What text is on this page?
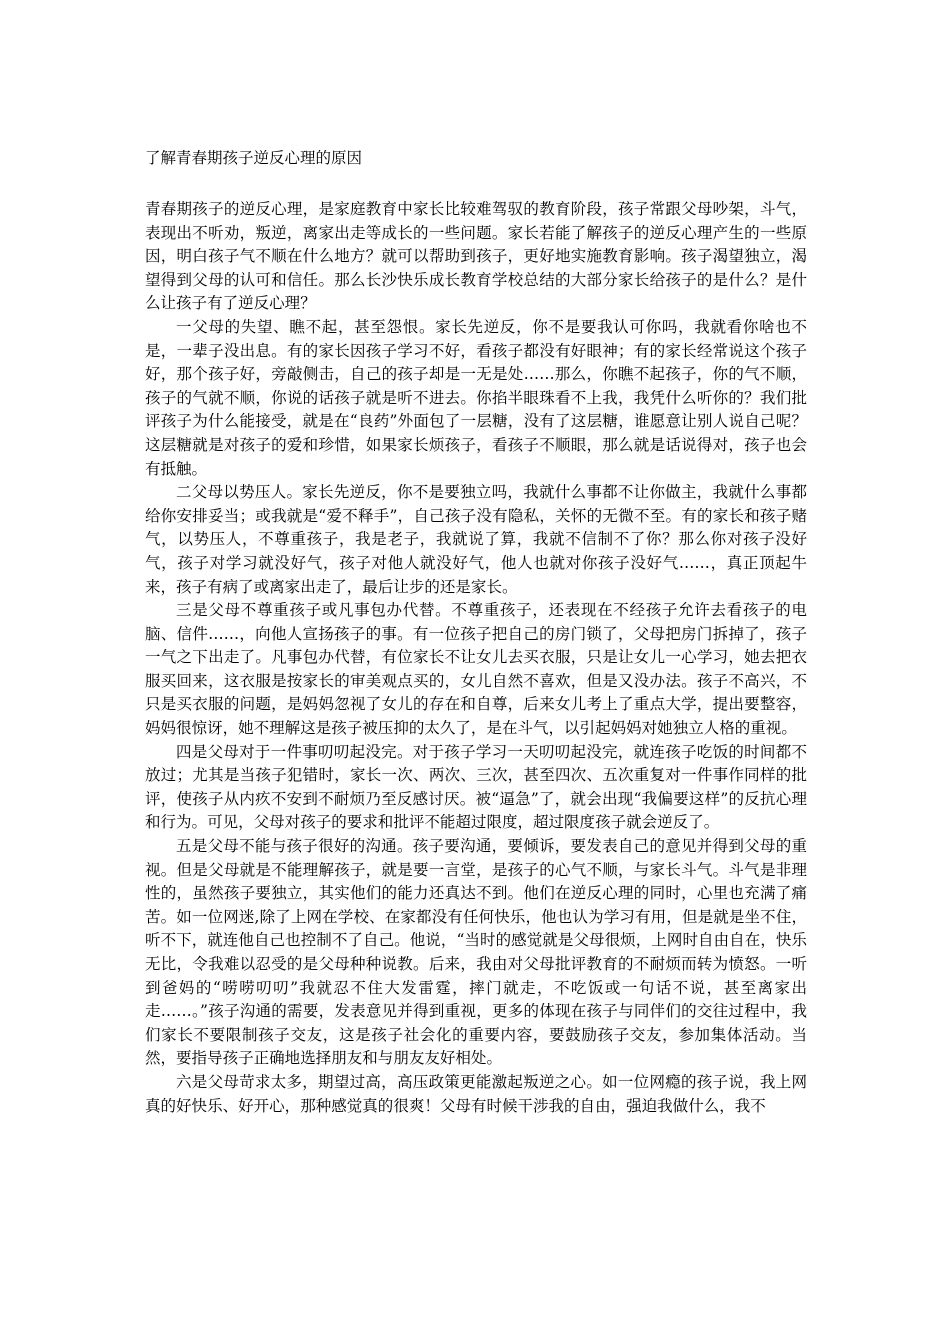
了解青春期孩子逆反心理的原因

青春期孩子的逆反心理，是家庭教育中家长比较难驾驭的教育阶段，孩子常跟父母吵架，斗气，表现出不听劝，叛逆，离家出走等成长的一些问题。家长若能了解孩子的逆反心理产生的一些原因，明白孩子气不顺在什么地方？就可以帮助到孩子，更好地实施教育影响。孩子渴望独立，渴望得到父母的认可和信任。那么长沙快乐成长教育学校总结的大部分家长给孩子的是什么？是什么让孩子有了逆反心理？

一父母的失望、瞧不起，甚至怨恨。家长先逆反，你不是要我认可你吗，我就看你啥也不是，一辈子没出息。有的家长因孩子学习不好，看孩子都没有好眼神；有的家长经常说这个孩子好，那个孩子好，旁敲侧击，自己的孩子却是一无是处……那么，你瞧不起孩子，你的气不顺，孩子的气就不顺，你说的话孩子就是听不进去。你掐半眼珠看不上我，我凭什么听你的？我们批评孩子为什么能接受，就是在“良药”外面包了一层糖，没有了这层糖，谁愿意让别人说自己呢？这层糖就是对孩子的爱和珍惜，如果家长烦孩子，看孩子不顺眼，那么就是话说得对，孩子也会有抵触。

二父母以势压人。家长先逆反，你不是要独立吗，我就什么事都不让你做主，我就什么事都给你安排妥当；或我就是“爱不释手”，自己孩子没有隐私，关怀的无微不至。有的家长和孩子赌气，以势压人，不尊重孩子，我是老子，我就说了算，我就不信制不了你？那么你对孩子没好气，孩子对学习就没好气，孩子对他人就没好气，他人也就对你孩子没好气……，真正顶起牛来，孩子有病了或离家出走了，最后让步的还是家长。

三是父母不尊重孩子或凡事包办代替。不尊重孩子，还表现在不经孩子允许去看孩子的电脑、信件……，向他人宣扬孩子的事。有一位孩子把自己的房门锁了，父母把房门拆掉了，孩子一气之下出走了。凡事包办代替，有位家长不让女儿去买衣服，只是让女儿一心学习，她去把衣服买回来，这衣服是按家长的审美观点买的，女儿自然不喜欢，但是又没办法。孩子不高兴，不只是买衣服的问题，是妈妈忽视了女儿的存在和自尊，后来女儿考上了重点大学，提出要整容，妈妈很惊讶，她不理解这是孩子被压抑的太久了，是在斗气，以引起妈妈对她独立人格的重视。

四是父母对于一件事叨叨起没完。对于孩子学习一天叨叨起没完，就连孩子吃饭的时间都不放过；尤其是当孩子犯错时，家长一次、两次、三次，甚至四次、五次重复对一件事作同样的批评，使孩子从内疚不安到不耐烦乃至反感讨厌。被“逼急”了，就会出现“我偏要这样”的反抗心理和行为。可见，父母对孩子的要求和批评不能超过限度，超过限度孩子就会逆反了。

五是父母不能与孩子很好的沟通。孩子要沟通，要倾诉，要发表自己的意见并得到父母的重视。但是父母就是不能理解孩子，就是要一言堂，是孩子的心气不顺，与家长斗气。斗气是非理性的，虽然孩子要独立，其实他们的能力还真达不到。他们在逆反心理的同时，心里也充满了痛苦。如一位网迷,除了上网在学校、在家都没有任何快乐，他也认为学习有用，但是就是坐不住，听不下，就连他自己也控制不了自己。他说，“当时的感觉就是父母很烦，上网时自由自在，快乐无比，令我难以忍受的是父母种种说教。后来，我由对父母批评教育的不耐烦而转为愤怒。一听到爸妈的“唠唠叨叨”我就忍不住大发雷霆，摔门就走，不吃饭或一句话不说，甚至离家出走……。”孩子沟通的需要，发表意见并得到重视，更多的体现在孩子与同伴们的交往过程中，我们家长不要限制孩子交友，这是孩子社会化的重要内容，要鼓励孩子交友，参加集体活动。当然，要指导孩子正确地选择朋友和与朋友友好相处。

六是父母苛求太多，期望过高，高压政策更能激起叛逆之心。如一位网瘾的孩子说，我上网真的好快乐、好开心，那种感觉真的很爽！父母有时候干涉我的自由，强迫我做什么，我不
